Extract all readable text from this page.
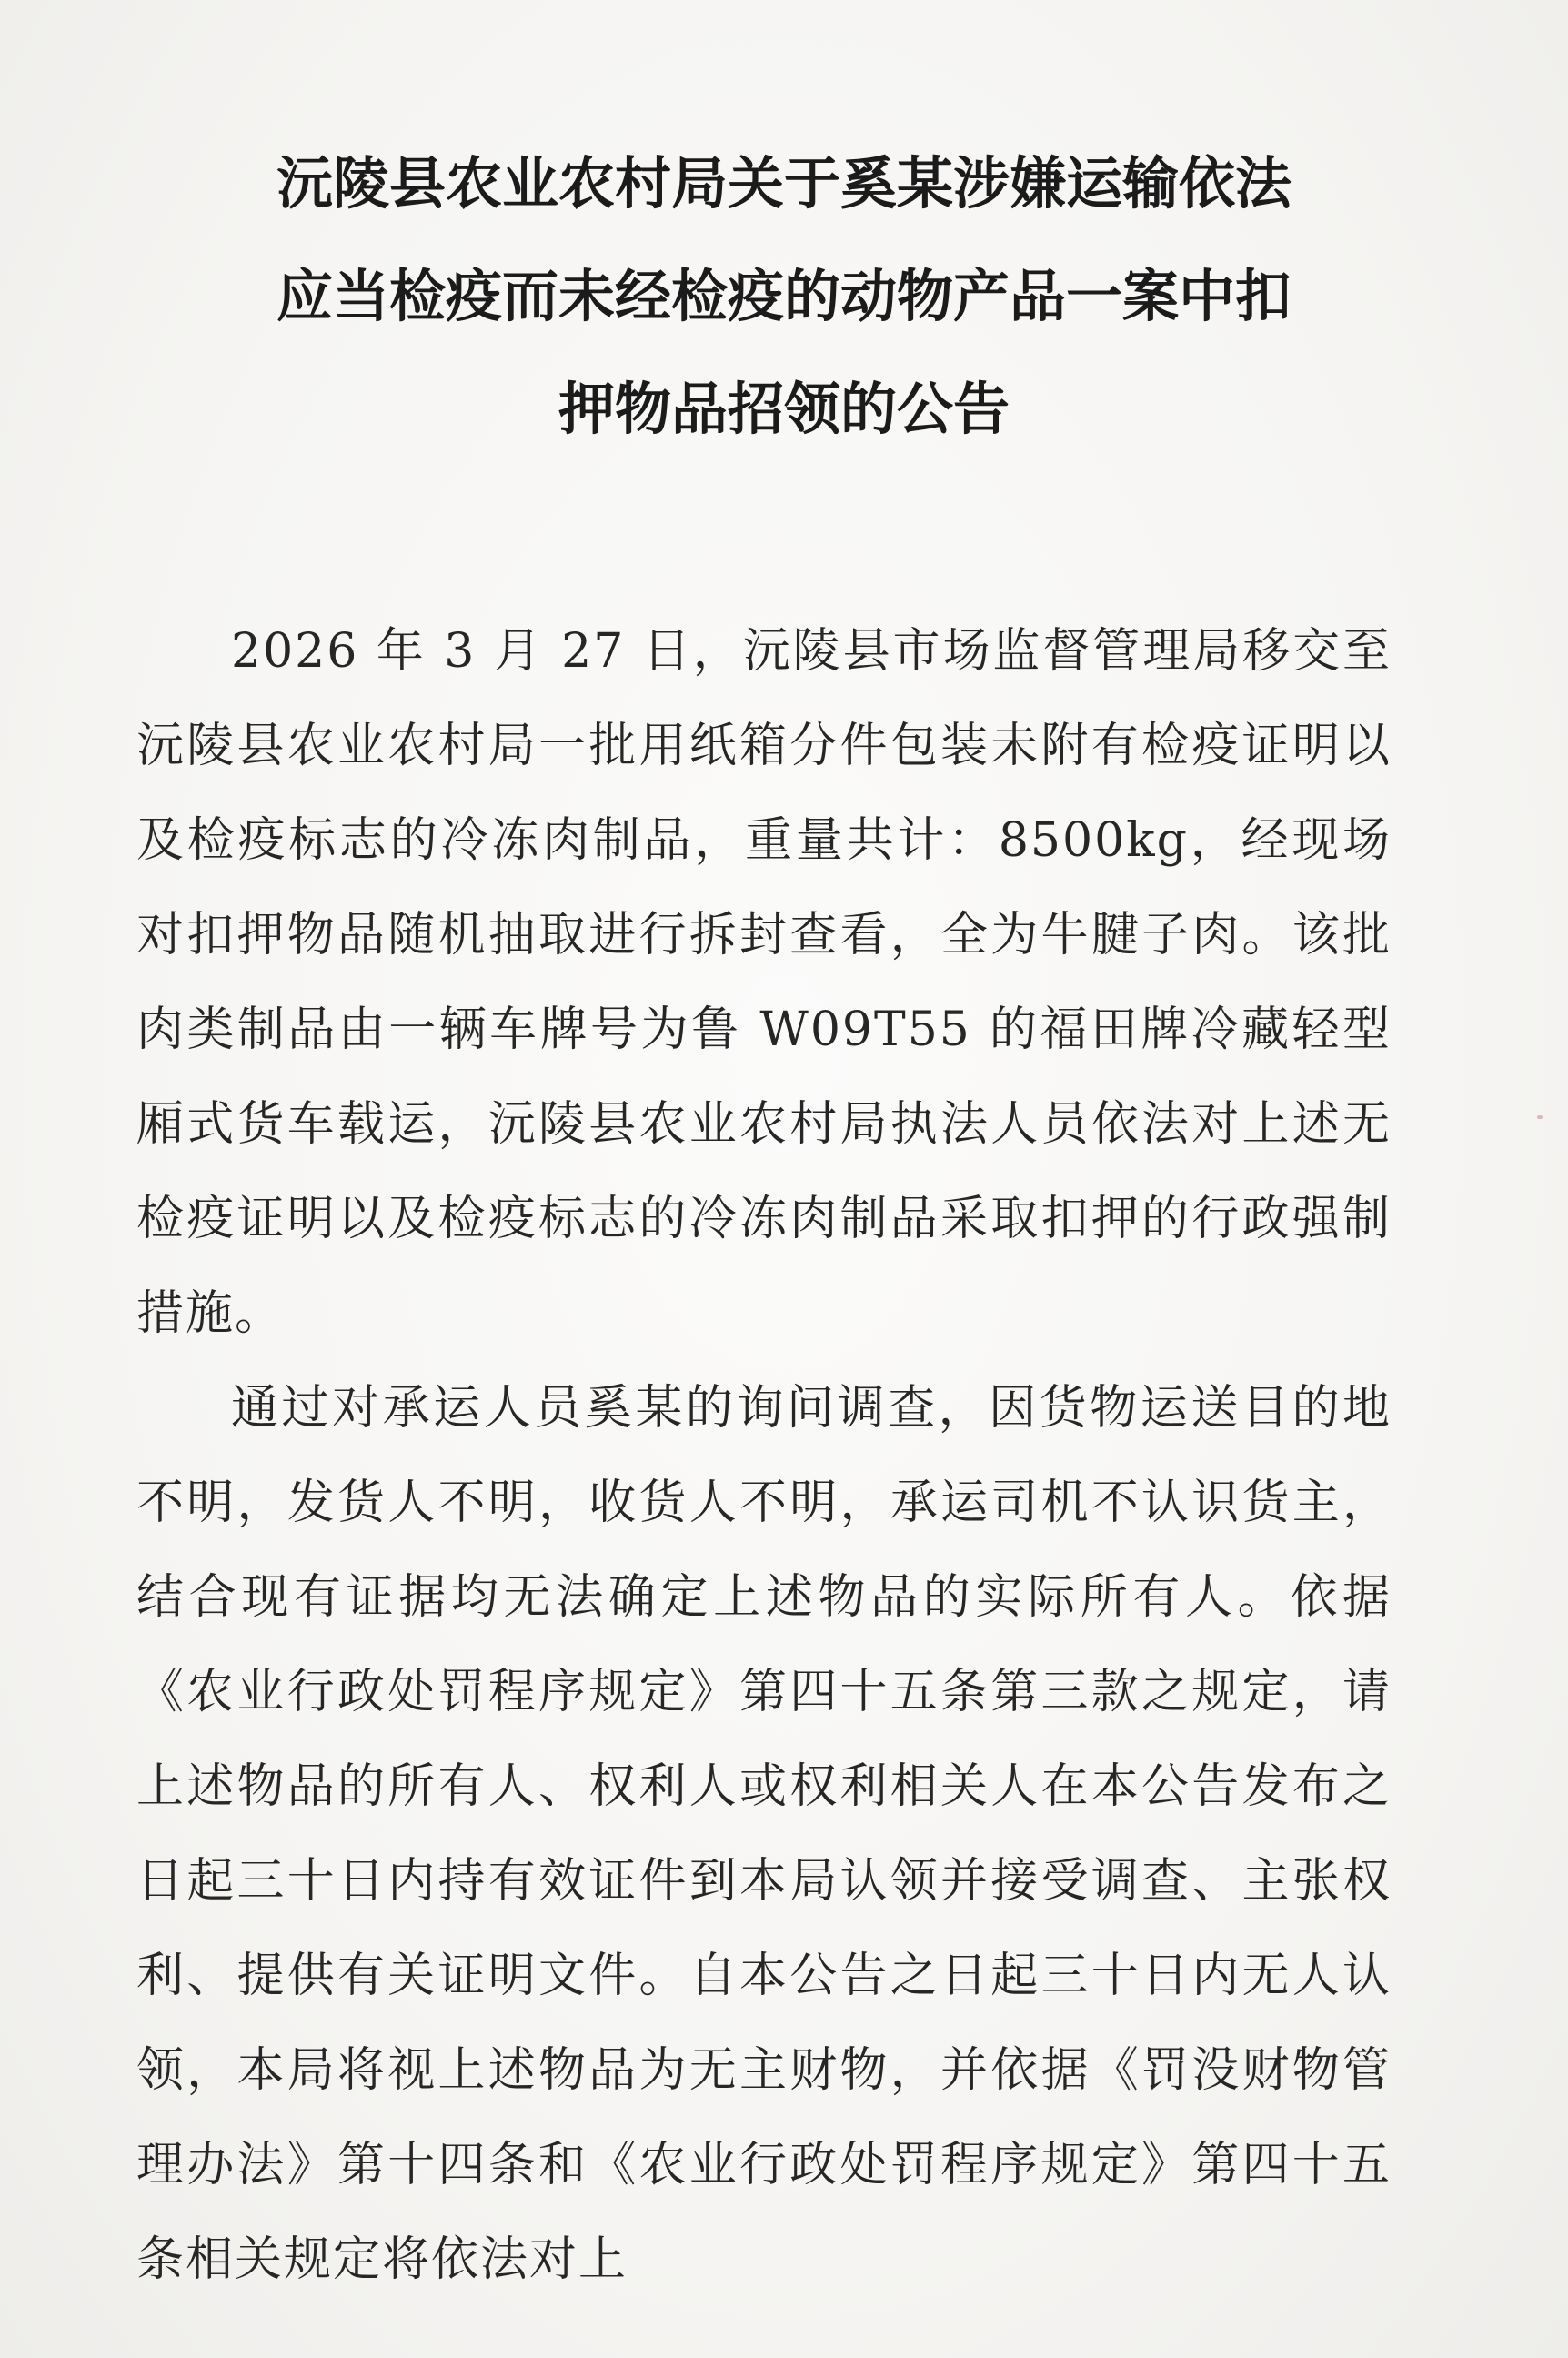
沅陵县农业农村局关于奚某涉嫌运输依法
应当检疫而未经检疫的动物产品一案中扣
押物品招领的公告

2026 年 3 月 27 日，沅陵县市场监督管理局移交至沅陵县农业农村局一批用纸箱分件包装未附有检疫证明以及检疫标志的冷冻肉制品，重量共计：8500kg，经现场对扣押物品随机抽取进行拆封查看，全为牛腱子肉。该批肉类制品由一辆车牌号为鲁 W09T55 的福田牌冷藏轻型厢式货车载运，沅陵县农业农村局执法人员依法对上述无检疫证明以及检疫标志的冷冻肉制品采取扣押的行政强制措施。

通过对承运人员奚某的询问调查，因货物运送目的地不明，发货人不明，收货人不明，承运司机不认识货主，结合现有证据均无法确定上述物品的实际所有人。依据《农业行政处罚程序规定》第四十五条第三款之规定，请上述物品的所有人、权利人或权利相关人在本公告发布之日起三十日内持有效证件到本局认领并接受调查、主张权利、提供有关证明文件。自本公告之日起三十日内无人认领，本局将视上述物品为无主财物，并依据《罚没财物管理办法》第十四条和《农业行政处罚程序规定》第四十五条相关规定将依法对上
